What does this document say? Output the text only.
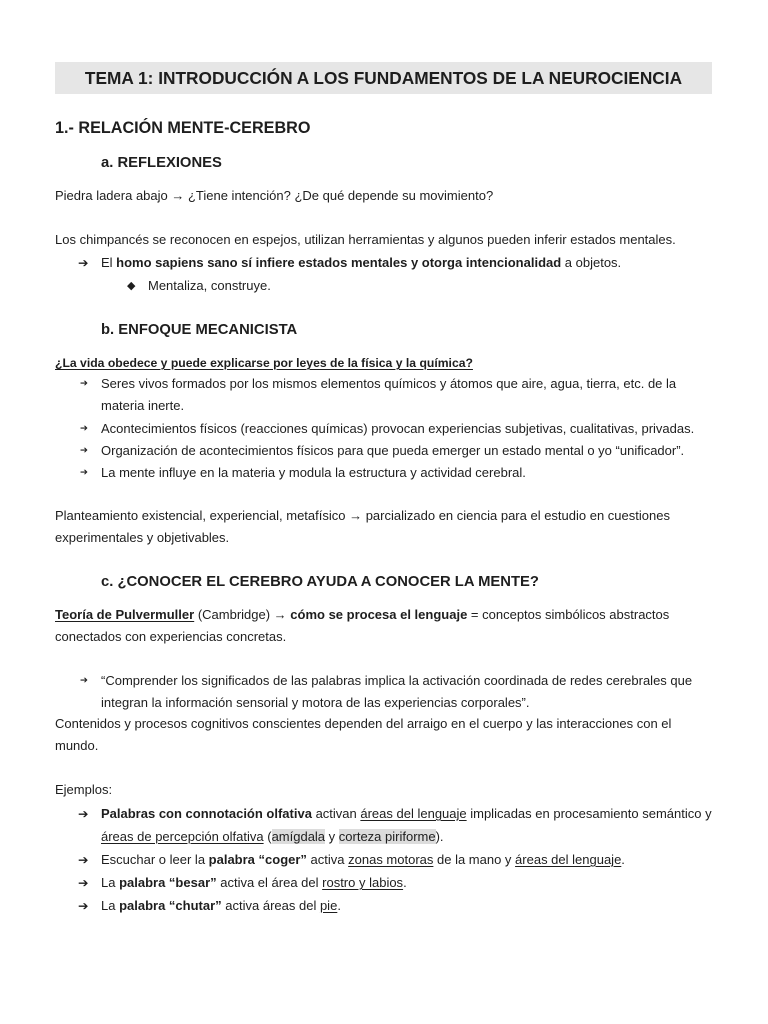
TEMA 1: INTRODUCCIÓN A LOS FUNDAMENTOS DE LA NEUROCIENCIA
1.- RELACIÓN MENTE-CEREBRO
a. REFLEXIONES
Piedra ladera abajo → ¿Tiene intención? ¿De qué depende su movimiento?
Los chimpancés se reconocen en espejos, utilizan herramientas y algunos pueden inferir estados mentales.
➔
El homo sapiens sano sí infiere estados mentales y otorga intencionalidad a objetos.
◆
Mentaliza, construye.
b. ENFOQUE MECANICISTA
¿La vida obedece y puede explicarse por leyes de la física y la química?
➔
Seres vivos formados por los mismos elementos químicos y átomos que aire, agua, tierra, etc. de la
materia inerte.
➔
Acontecimientos físicos (reacciones químicas) provocan experiencias subjetivas, cualitativas, privadas.
➔
Organización de acontecimientos físicos para que pueda emerger un estado mental o yo “unificador”.
➔
La mente influye en la materia y modula la estructura y actividad cerebral.
Planteamiento existencial, experiencial, metafísico → parcializado en ciencia para el estudio en cuestiones
experimentales y objetivables.
c. ¿CONOCER EL CEREBRO AYUDA A CONOCER LA MENTE?
Teoría de Pulvermuller (Cambridge) → cómo se procesa el lenguaje = conceptos simbólicos abstractos
conectados con experiencias concretas.
➔
“Comprender los significados de las palabras implica la activación coordinada de redes cerebrales que
integran la información sensorial y motora de las experiencias corporales”.
Contenidos y procesos cognitivos conscientes dependen del arraigo en el cuerpo y las interacciones con el
mundo.
Ejemplos:
➔
Palabras con connotación olfativa activan áreas del lenguaje implicadas en procesamiento semántico y
áreas de percepción olfativa (amígdala y corteza piriforme).
➔
Escuchar o leer la palabra “coger” activa zonas motoras de la mano y áreas del lenguaje.
➔
La palabra “besar” activa el área del rostro y labios.
➔
La palabra “chutar” activa áreas del pie.
